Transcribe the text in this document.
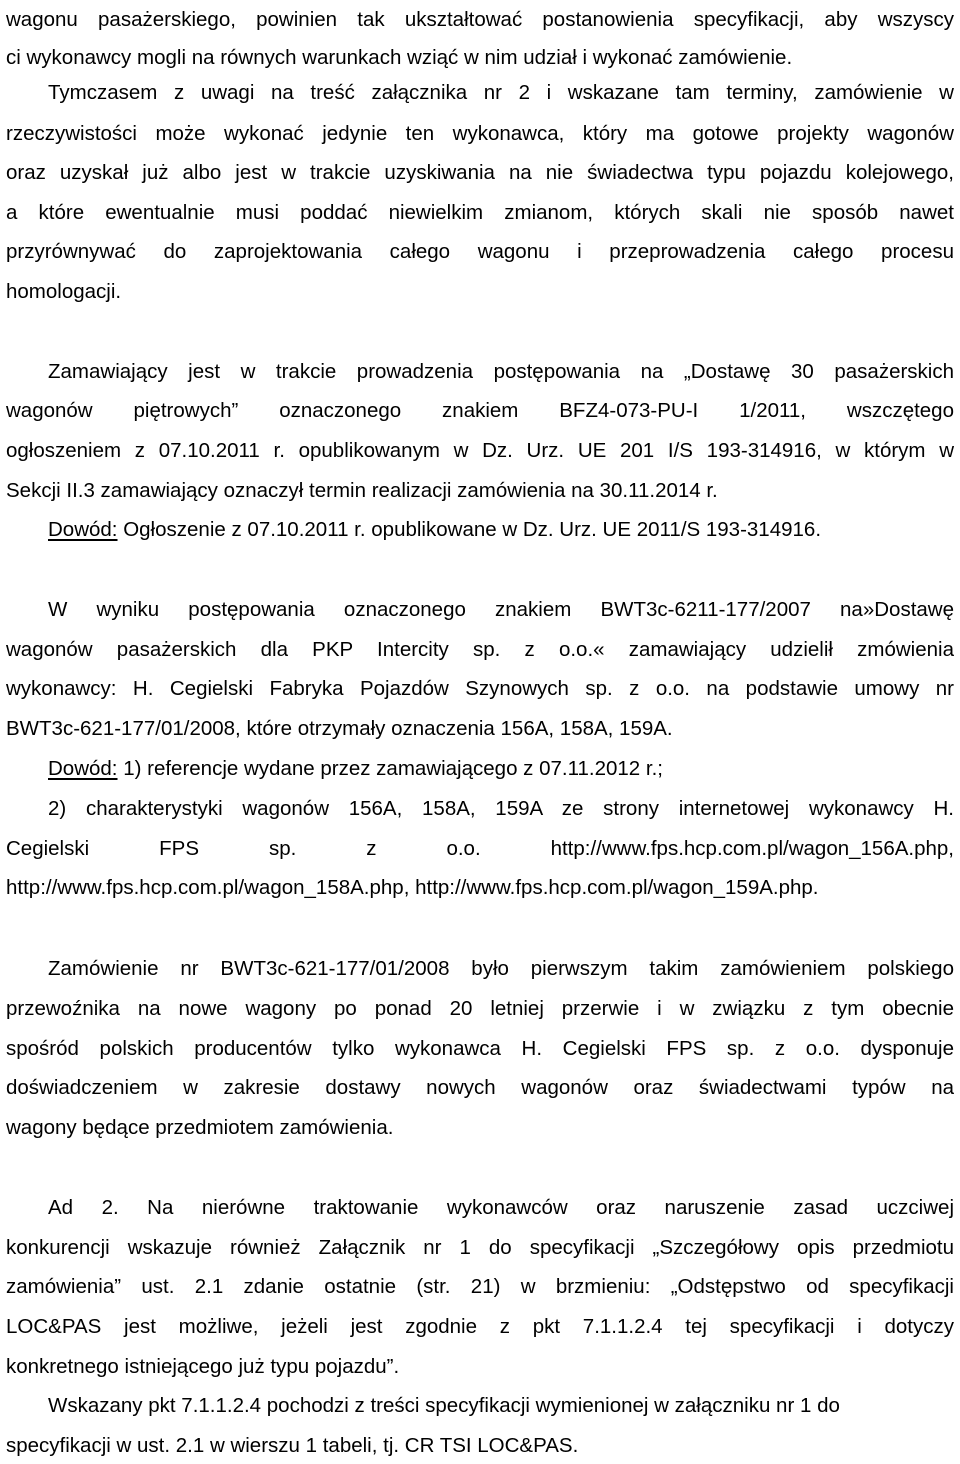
wagonu pasażerskiego, powinien tak ukształtować postanowienia specyfikacji, aby wszyscy
ci wykonawcy mogli na równych warunkach wziąć w nim udział i wykonać zamówienie.
Tymczasem z uwagi na treść załącznika nr 2 i wskazane tam terminy, zamówienie w
rzeczywistości może wykonać jedynie ten wykonawca, który ma gotowe projekty wagonów
oraz uzyskał już albo jest w trakcie uzyskiwania na nie świadectwa typu pojazdu kolejowego,
a które ewentualnie musi poddać niewielkim zmianom, których skali nie sposób nawet
przyrównywać do zaprojektowania całego wagonu i przeprowadzenia całego procesu
homologacji.
Zamawiający jest w trakcie prowadzenia postępowania na „Dostawę 30 pasażerskich
wagonów piętrowych” oznaczonego znakiem BFZ4-073-PU-I 1/2011, wszczętego
ogłoszeniem z 07.10.2011 r. opublikowanym w Dz. Urz. UE 201 I/S 193-314916, w którym w
Sekcji II.3 zamawiający oznaczył termin realizacji zamówienia na 30.11.2014 r.
Dowód: Ogłoszenie z 07.10.2011 r. opublikowane w Dz. Urz. UE 2011/S 193-314916.
W wyniku postępowania oznaczonego znakiem BWT3c-6211-177/2007 na»Dostawę
wagonów pasażerskich dla PKP Intercity sp. z o.o.« zamawiający udzielił zmówienia
wykonawcy: H. Cegielski Fabryka Pojazdów Szynowych sp. z o.o. na podstawie umowy nr
BWT3c-621-177/01/2008, które otrzymały oznaczenia 156A, 158A, 159A.
Dowód: 1) referencje wydane przez zamawiającego z 07.11.2012 r.;
2) charakterystyki wagonów 156A, 158A, 159A ze strony internetowej wykonawcy H.
Cegielski FPS sp. z o.o. http://www.fps.hcp.com.pl/wagon_156A.php,
http://www.fps.hcp.com.pl/wagon_158A.php, http://www.fps.hcp.com.pl/wagon_159A.php.
Zamówienie nr BWT3c-621-177/01/2008 było pierwszym takim zamówieniem polskiego
przewoźnika na nowe wagony po ponad 20 letniej przerwie i w związku z tym obecnie
spośród polskich producentów tylko wykonawca H. Cegielski FPS sp. z o.o. dysponuje
doświadczeniem w zakresie dostawy nowych wagonów oraz świadectwami typów na
wagony będące przedmiotem zamówienia.
Ad 2. Na nierówne traktowanie wykonawców oraz naruszenie zasad uczciwej
konkurencji wskazuje również Załącznik nr 1 do specyfikacji „Szczegółowy opis przedmiotu
zamówienia” ust. 2.1 zdanie ostatnie (str. 21) w brzmieniu: „Odstępstwo od specyfikacji
LOC&PAS jest możliwe, jeżeli jest zgodnie z pkt 7.1.1.2.4 tej specyfikacji i dotyczy
konkretnego istniejącego już typu pojazdu”.
Wskazany pkt 7.1.1.2.4 pochodzi z treści specyfikacji wymienionej w załączniku nr 1 do
specyfikacji w ust. 2.1 w wierszu 1 tabeli, tj. CR TSI LOC&PAS.
